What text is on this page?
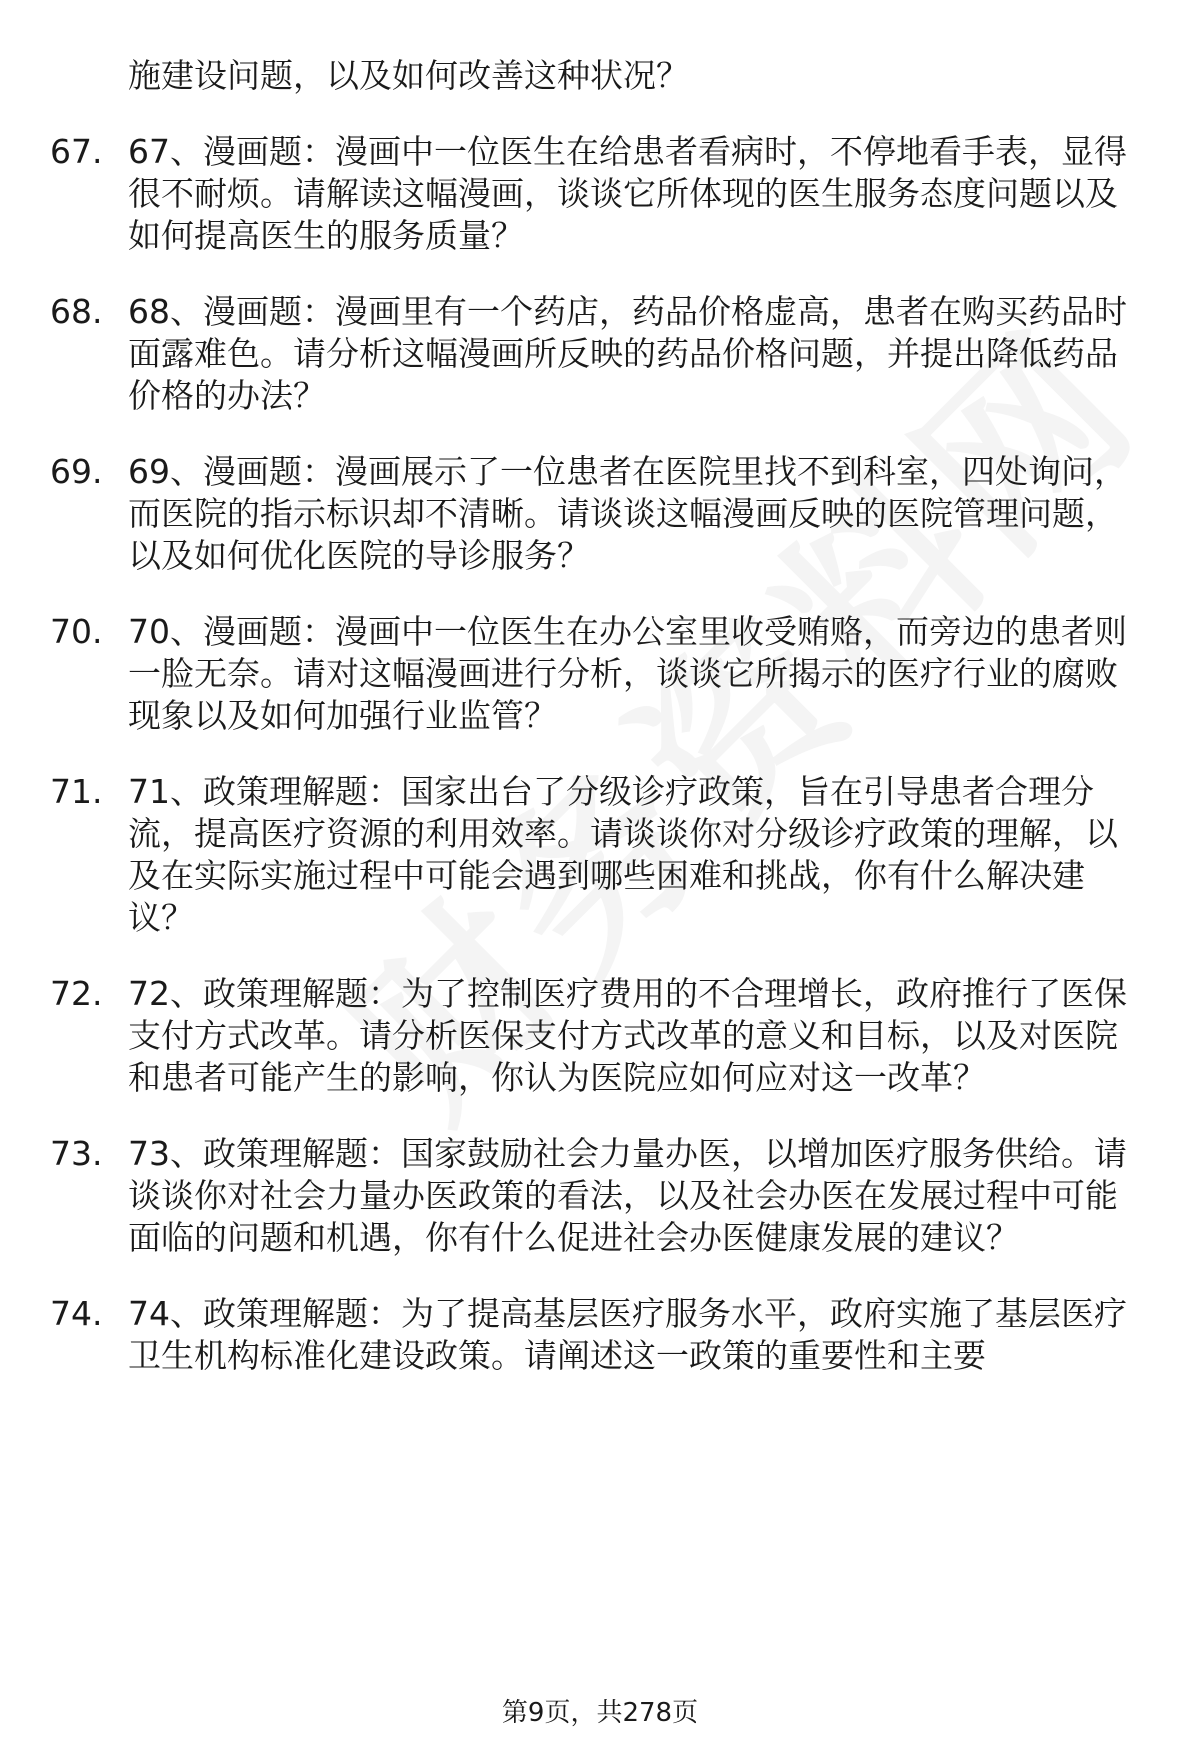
施建设问题，以及如何改善这种状况？
67. 67、漫画题：漫画中一位医生在给患者看病时，不停地看手表，显得很不耐烦。请解读这幅漫画，谈谈它所体现的医生服务态度问题以及如何提高医生的服务质量？
68. 68、漫画题：漫画里有一个药店，药品价格虚高，患者在购买药品时面露难色。请分析这幅漫画所反映的药品价格问题，并提出降低药品价格的办法？
69. 69、漫画题：漫画展示了一位患者在医院里找不到科室，四处询问，而医院的指示标识却不清晰。请谈谈这幅漫画反映的医院管理问题，以及如何优化医院的导诊服务？
70. 70、漫画题：漫画中一位医生在办公室里收受贿赂，而旁边的患者则一脸无奈。请对这幅漫画进行分析，谈谈它所揭示的医疗行业的腐败现象以及如何加强行业监管？
71. 71、政策理解题：国家出台了分级诊疗政策，旨在引导患者合理分流，提高医疗资源的利用效率。请谈谈你对分级诊疗政策的理解，以及在实际实施过程中可能会遇到哪些困难和挑战，你有什么解决建议？
72. 72、政策理解题：为了控制医疗费用的不合理增长，政府推行了医保支付方式改革。请分析医保支付方式改革的意义和目标，以及对医院和患者可能产生的影响，你认为医院应如何应对这一改革？
73. 73、政策理解题：国家鼓励社会力量办医，以增加医疗服务供给。请谈谈你对社会力量办医政策的看法，以及社会办医在发展过程中可能面临的问题和机遇，你有什么促进社会办医健康发展的建议？
74. 74、政策理解题：为了提高基层医疗服务水平，政府实施了基层医疗卫生机构标准化建设政策。请阐述这一政策的重要性和主要
第9页，共278页
